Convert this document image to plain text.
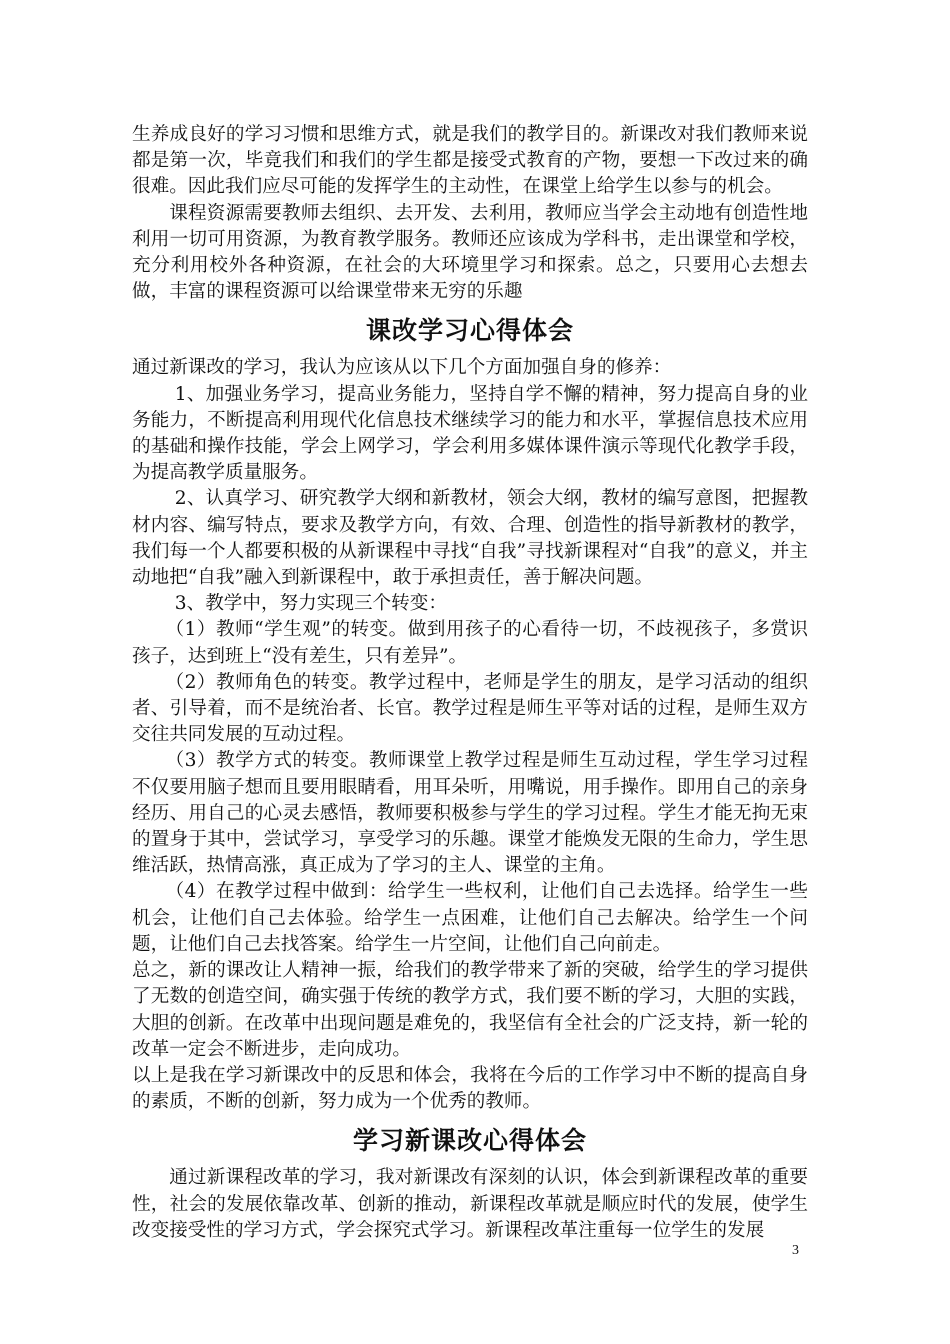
生养成良好的学习习惯和思维方式，就是我们的教学目的。新课改对我们教师来说都是第一次，毕竟我们和我们的学生都是接受式教育的产物，要想一下改过来的确很难。因此我们应尽可能的发挥学生的主动性，在课堂上给学生以参与的机会。

课程资源需要教师去组织、去开发、去利用，教师应当学会主动地有创造性地利用一切可用资源，为教育教学服务。教师还应该成为学科书，走出课堂和学校，充分利用校外各种资源，在社会的大环境里学习和探索。总之，只要用心去想去做，丰富的课程资源可以给课堂带来无穷的乐趣

课改学习心得体会

通过新课改的学习，我认为应该从以下几个方面加强自身的修养：

1、加强业务学习，提高业务能力，坚持自学不懈的精神，努力提高自身的业务能力，不断提高利用现代化信息技术继续学习的能力和水平，掌握信息技术应用的基础和操作技能，学会上网学习，学会利用多媒体课件演示等现代化教学手段，为提高教学质量服务。

2、认真学习、研究教学大纲和新教材，领会大纲，教材的编写意图，把握教材内容、编写特点，要求及教学方向，有效、合理、创造性的指导新教材的教学，我们每一个人都要积极的从新课程中寻找“自我”寻找新课程对“自我”的意义，并主动地把“自我”融入到新课程中，敢于承担责任，善于解决问题。

3、教学中，努力实现三个转变：

（1）教师“学生观”的转变。做到用孩子的心看待一切，不歧视孩子，多赏识孩子，达到班上“没有差生，只有差异”。

（2）教师角色的转变。教学过程中，老师是学生的朋友，是学习活动的组织者、引导着，而不是统治者、长官。教学过程是师生平等对话的过程，是师生双方交往共同发展的互动过程。

（3）教学方式的转变。教师课堂上教学过程是师生互动过程，学生学习过程不仅要用脑子想而且要用眼睛看，用耳朵听，用嘴说，用手操作。即用自己的亲身经历、用自己的心灵去感悟，教师要积极参与学生的学习过程。学生才能无拘无束的置身于其中，尝试学习，享受学习的乐趣。课堂才能焕发无限的生命力，学生思维活跃，热情高涨，真正成为了学习的主人、课堂的主角。

（4）在教学过程中做到：给学生一些权利，让他们自己去选择。给学生一些机会，让他们自己去体验。给学生一点困难，让他们自己去解决。给学生一个问题，让他们自己去找答案。给学生一片空间，让他们自己向前走。

总之，新的课改让人精神一振，给我们的教学带来了新的突破，给学生的学习提供了无数的创造空间，确实强于传统的教学方式，我们要不断的学习，大胆的实践，大胆的创新。在改革中出现问题是难免的，我坚信有全社会的广泛支持，新一轮的改革一定会不断进步，走向成功。

以上是我在学习新课改中的反思和体会，我将在今后的工作学习中不断的提高自身的素质，不断的创新，努力成为一个优秀的教师。

学习新课改心得体会

通过新课程改革的学习，我对新课改有深刻的认识，体会到新课程改革的重要性，社会的发展依靠改革、创新的推动，新课程改革就是顺应时代的发展，使学生改变接受性的学习方式，学会探究式学习。新课程改革注重每一位学生的发展

3
